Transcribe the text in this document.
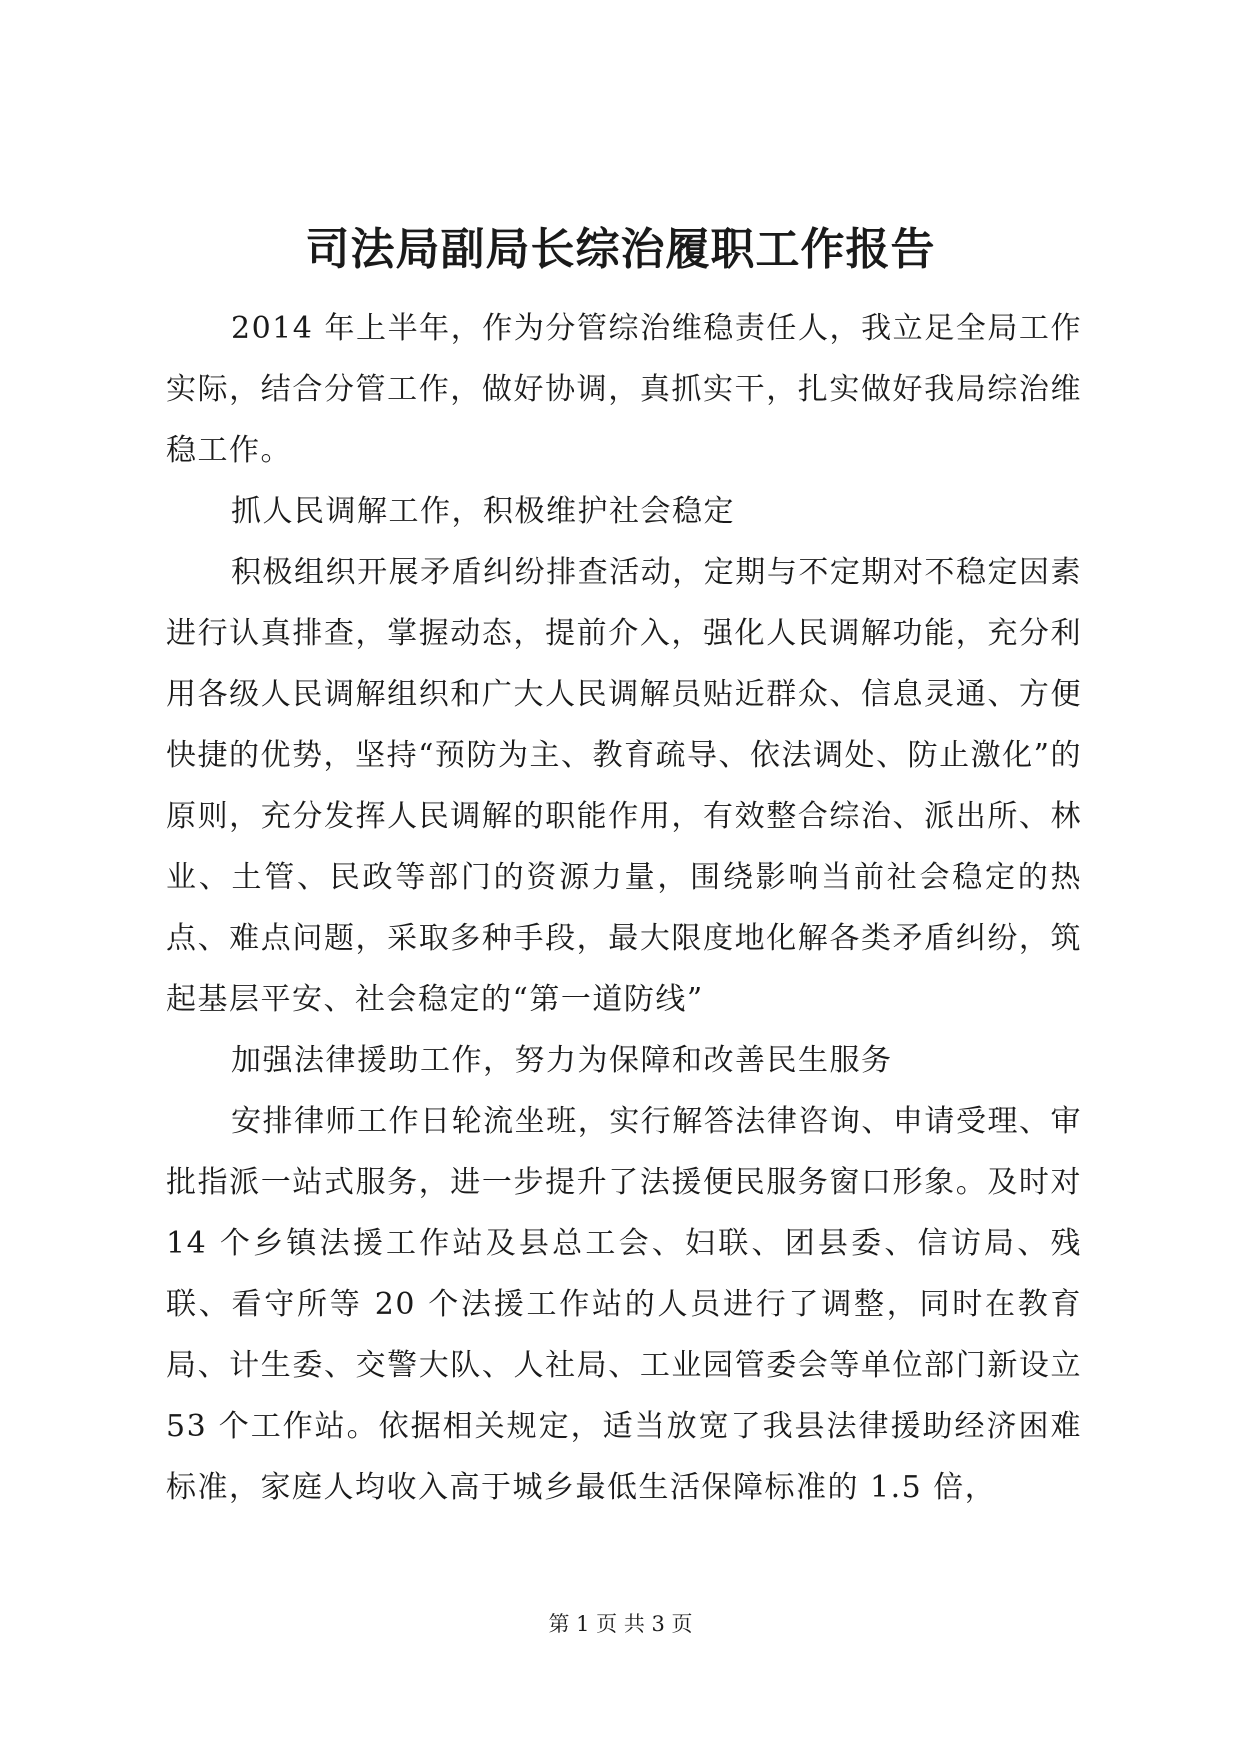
司法局副局长综治履职工作报告

2014 年上半年，作为分管综治维稳责任人，我立足全局工作实际，结合分管工作，做好协调，真抓实干，扎实做好我局综治维稳工作。

抓人民调解工作，积极维护社会稳定

积极组织开展矛盾纠纷排查活动，定期与不定期对不稳定因素进行认真排查，掌握动态，提前介入，强化人民调解功能，充分利用各级人民调解组织和广大人民调解员贴近群众、信息灵通、方便快捷的优势，坚持“预防为主、教育疏导、依法调处、防止激化”的原则，充分发挥人民调解的职能作用，有效整合综治、派出所、林业、土管、民政等部门的资源力量，围绕影响当前社会稳定的热点、难点问题，采取多种手段，最大限度地化解各类矛盾纠纷，筑起基层平安、社会稳定的“第一道防线”

加强法律援助工作，努力为保障和改善民生服务

安排律师工作日轮流坐班，实行解答法律咨询、申请受理、审批指派一站式服务，进一步提升了法援便民服务窗口形象。及时对 14 个乡镇法援工作站及县总工会、妇联、团县委、信访局、残联、看守所等 20 个法援工作站的人员进行了调整，同时在教育局、计生委、交警大队、人社局、工业园管委会等单位部门新设立 53 个工作站。依据相关规定，适当放宽了我县法律援助经济困难标准，家庭人均收入高于城乡最低生活保障标准的 1.5 倍，

第 1 页 共 3 页
